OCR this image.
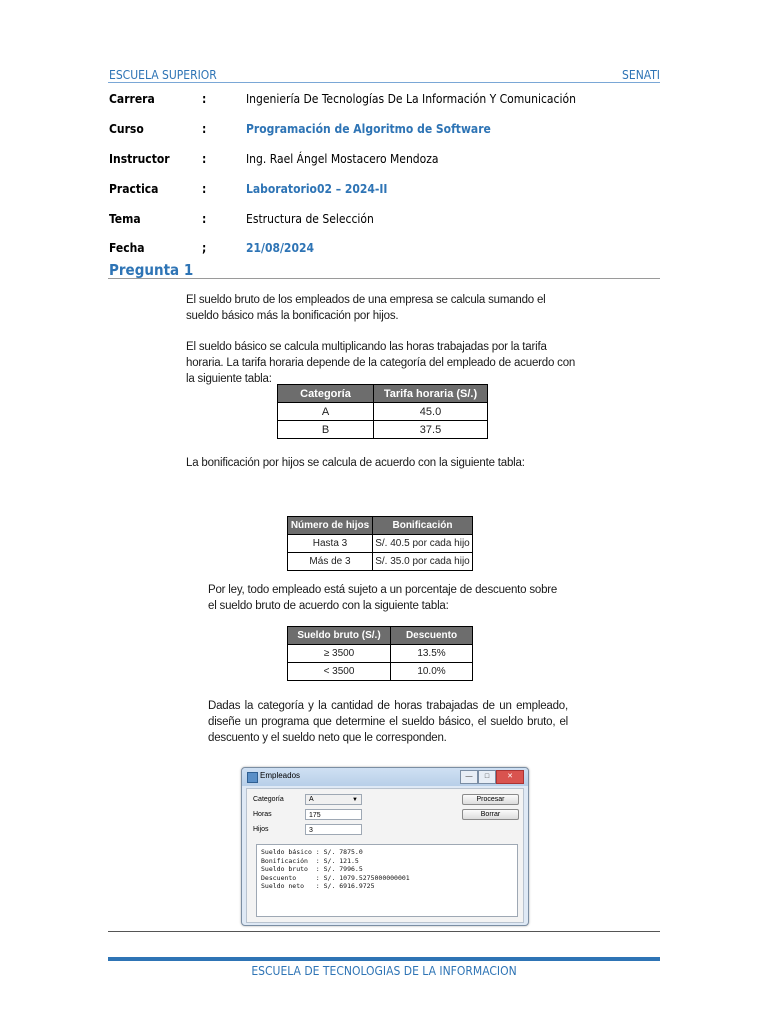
ESCUELA SUPERIOR	SENATI
Carrera	:	Ingeniería De Tecnologías De La Información Y Comunicación
Curso	:	Programación de Algoritmo de Software
Instructor	:	Ing. Rael Ángel Mostacero Mendoza
Practica	:	Laboratorio02 – 2024-II
Tema	:	Estructura de Selección
Fecha	;	21/08/2024
Pregunta 1
El sueldo bruto de los empleados de una empresa se calcula sumando el sueldo básico más la bonificación por hijos.
El sueldo básico se calcula multiplicando las horas trabajadas por la tarifa horaria. La tarifa horaria depende de la categoría del empleado de acuerdo con la siguiente tabla:
Categoría	Tarifa horaria (S/.)
A	45.0
B	37.5
La bonificación por hijos se calcula de acuerdo con la siguiente tabla:
Número de hijos	Bonificación
Hasta 3	S/. 40.5 por cada hijo
Más de 3	S/. 35.0 por cada hijo
Por ley, todo empleado está sujeto a un porcentaje de descuento sobre el sueldo bruto de acuerdo con la siguiente tabla:
Sueldo bruto (S/.)	Descuento
≥ 3500	13.5%
< 3500	10.0%
Dadas la categoría y la cantidad de horas trabajadas de un empleado, diseñe un programa que determine el sueldo básico, el sueldo bruto, el descuento y el sueldo neto que le corresponden.
Empleados	—	□	✕
Categoría	A	▼
Horas	175
Hijos	3
Procesar
Borrar
Sueldo básico : S/. 7875.0
Bonificación  : S/. 121.5
Sueldo bruto  : S/. 7996.5
Descuento     : S/. 1079.5275000000001
Sueldo neto   : S/. 6916.9725
ESCUELA DE TECNOLOGIAS DE LA INFORMACION
